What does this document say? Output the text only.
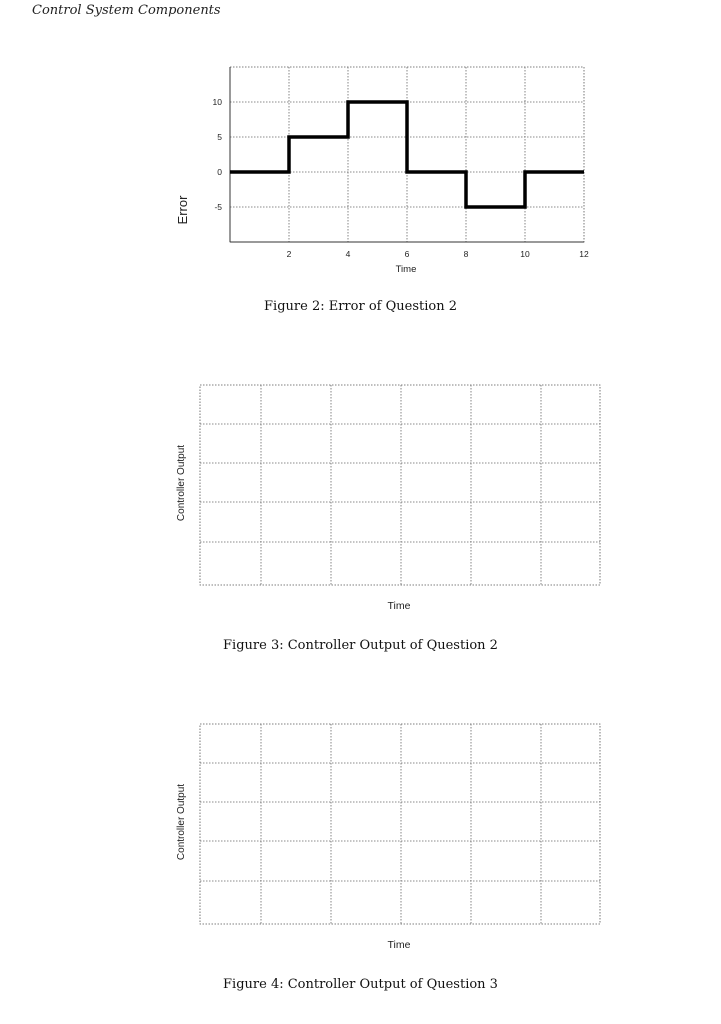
Control System Components
2	4	6	8	10	12
10
5
0
-5
Error
Time
Figure 2: Error of Question 2
Controller Output
Time
Figure 3: Controller Output of Question 2
Controller Output
Time
Figure 4: Controller Output of Question 3
